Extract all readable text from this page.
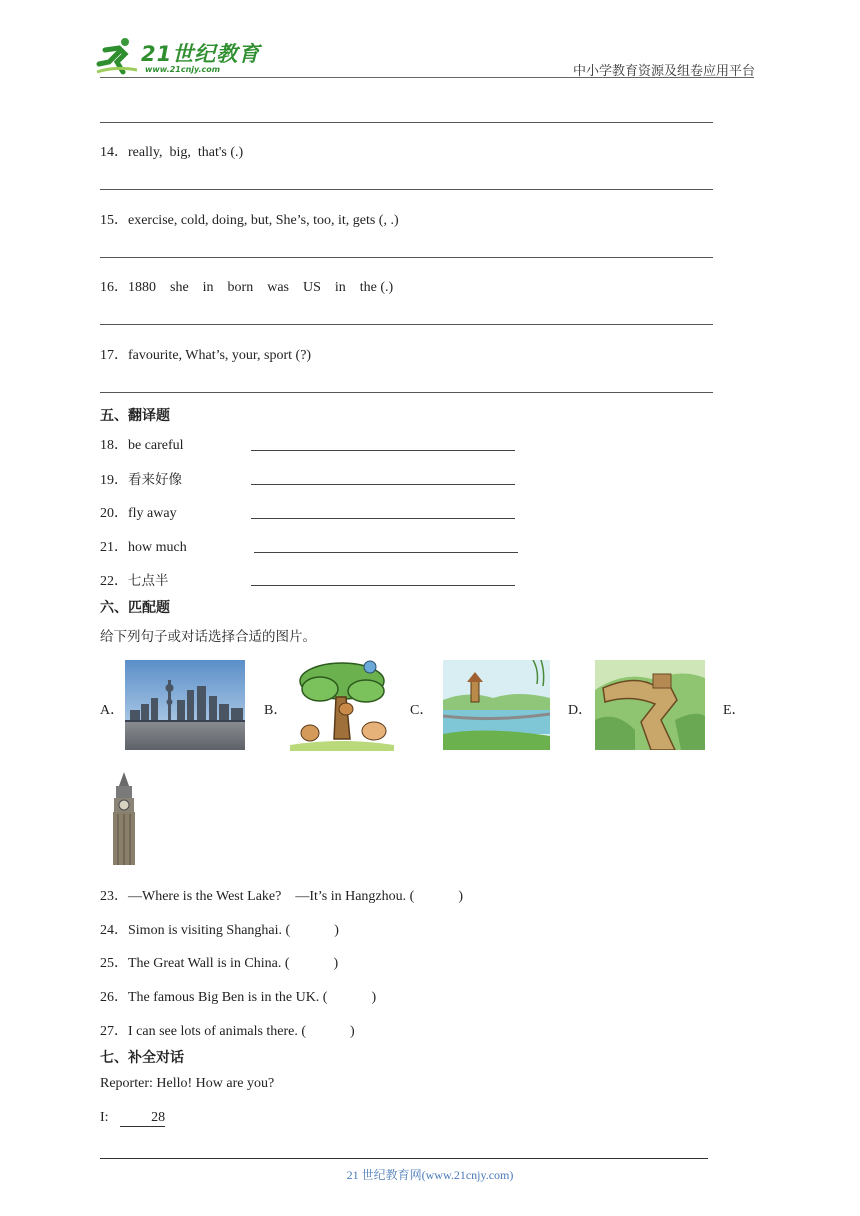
21世纪教育
www.21cnjy.com	中小学教育资源及组卷应用平台
14．really,  big,  that's (.)
15．exercise, cold, doing, but, She’s, too, it, gets (, .)
16．1880    she    in    born    was    US    in    the (.)
17．favourite, What’s, your, sport (?)
五、翻译题
18．be careful
19．看来好像
20．fly away
21．how much
22．七点半
六、匹配题
给下列句子或对话选择合适的图片。
A．	B．	C．	D．	E．
23．—Where is the West Lake?    —It’s in Hangzhou. (	)
24．Simon is visiting Shanghai. (	)
25．The Great Wall is in China. (	)
26．The famous Big Ben is in the UK. (	)
27．I can see lots of animals there. (	)
七、补全对话
Reporter: Hello! How are you?
I:	28
21 世纪教育网(www.21cnjy.com)
